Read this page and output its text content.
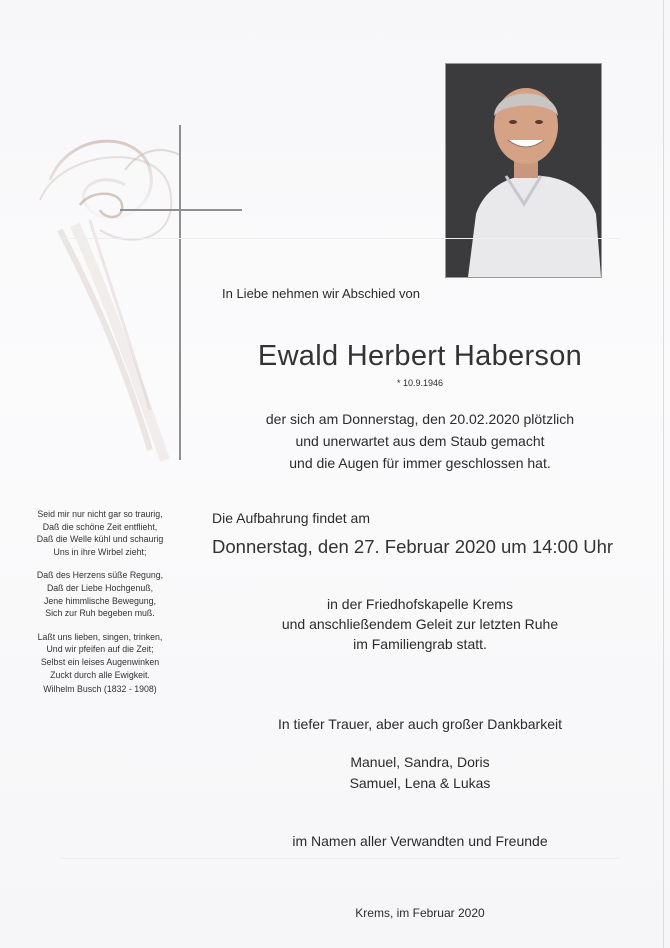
In Liebe nehmen wir Abschied von
Ewald Herbert Haberson
* 10.9.1946
der sich am Donnerstag, den 20.02.2020 plötzlich
und unerwartet aus dem Staub gemacht
und die Augen für immer geschlossen hat.
Die Aufbahrung findet am
Donnerstag, den 27. Februar 2020 um 14:00 Uhr
in der Friedhofskapelle Krems
und anschließendem Geleit zur letzten Ruhe
im Familiengrab statt.
In tiefer Trauer, aber auch großer Dankbarkeit
Manuel, Sandra, Doris
Samuel, Lena & Lukas
im Namen aller Verwandten und Freunde
Krems, im Februar 2020
Seid mir nur nicht gar so traurig,
Daß die schöne Zeit entflieht,
Daß die Welle kühl und schaurig
Uns in ihre Wirbel zieht;
Daß des Herzens süße Regung,
Daß der Liebe Hochgenuß,
Jene himmlische Bewegung,
Sich zur Ruh begeben muß.
Laßt uns lieben, singen, trinken,
Und wir pfeifen auf die Zeit;
Selbst ein leises Augenwinken
Zuckt durch alle Ewigkeit.
Wilhelm Busch (1832 - 1908)
